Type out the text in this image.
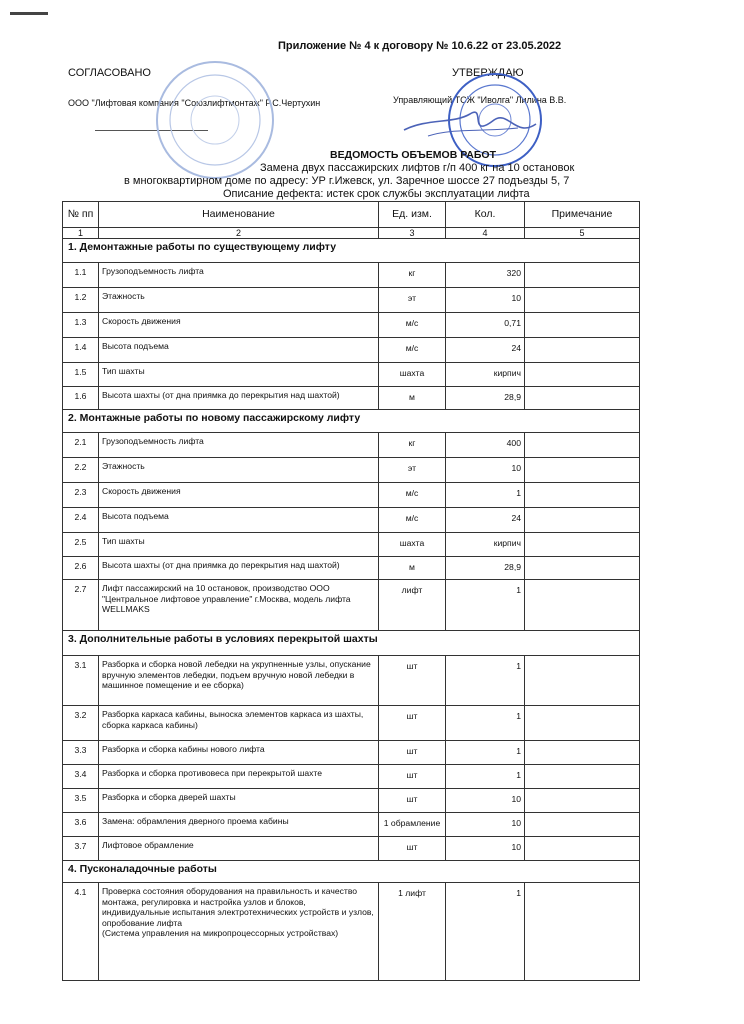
Приложение № 4 к договору № 10.6.22 от 23.05.2022
СОГЛАСОВАНО
ООО "Лифтовая компания "Союзлифтмонтаж" Р.С.Чертухин
УТВЕРЖДАЮ
Управляющий ТСЖ "Иволга" Лилина В.В.
ВЕДОМОСТЬ ОБЪЕМОВ РАБОТ
Замена двух пассажирских лифтов г/п 400 кг на 10 остановок
в многоквартирном доме по адресу: УР г.Ижевск, ул. Заречное шоссе 27 подъезды 5, 7
Описание дефекта: истек срок службы эксплуатации лифта
№ пп	Наименование	Ед. изм.	Кол.	Примечание
1	2	3	4	5
1. Демонтажные работы по существующему лифту				
1.1	Грузоподъемность лифта	кг	320	
1.2	Этажность	эт	10	
1.3	Скорость движения	м/с	0,71	
1.4	Высота подъема	м/с	24	
1.5	Тип шахты	шахта	кирпич	
1.6	Высота шахты (от дна приямка до перекрытия над шахтой)	м	28,9	
2. Монтажные работы по новому пассажирскому лифту				
2.1	Грузоподъемность лифта	кг	400	
2.2	Этажность	эт	10	
2.3	Скорость движения	м/с	1	
2.4	Высота подъема	м/с	24	
2.5	Тип шахты	шахта	кирпич	
2.6	Высота шахты (от дна приямка до перекрытия над шахтой)	м	28,9	
2.7	Лифт пассажирский на 10 остановок, производство ООО "Центральное лифтовое управление" г.Москва, модель лифта WELLMAKS	лифт	1	
3. Дополнительные работы в условиях перекрытой шахты				
3.1	Разборка и сборка новой лебедки на укрупненные узлы, опускание вручную элементов лебедки, подъем вручную новой лебедки в машинное помещение и ее сборка)	шт	1	
3.2	Разборка каркаса кабины, выноска элементов каркаса из шахты, сборка каркаса кабины)	шт	1	
3.3	Разборка и сборка кабины нового лифта	шт	1	
3.4	Разборка и сборка противовеса при перекрытой шахте	шт	1	
3.5	Разборка и сборка дверей шахты	шт	10	
3.6	Замена: обрамления дверного проема кабины	1 обрамление	10	
3.7	Лифтовое обрамление	шт	10	
4. Пусконаладочные работы				
4.1	Проверка состояния оборудования на правильность и качество монтажа, регулировка и настройка узлов и блоков, индивидуальные испытания электротехнических устройств и узлов, опробование лифта
(Система управления на микропроцессорных устройствах)	1 лифт	1	
